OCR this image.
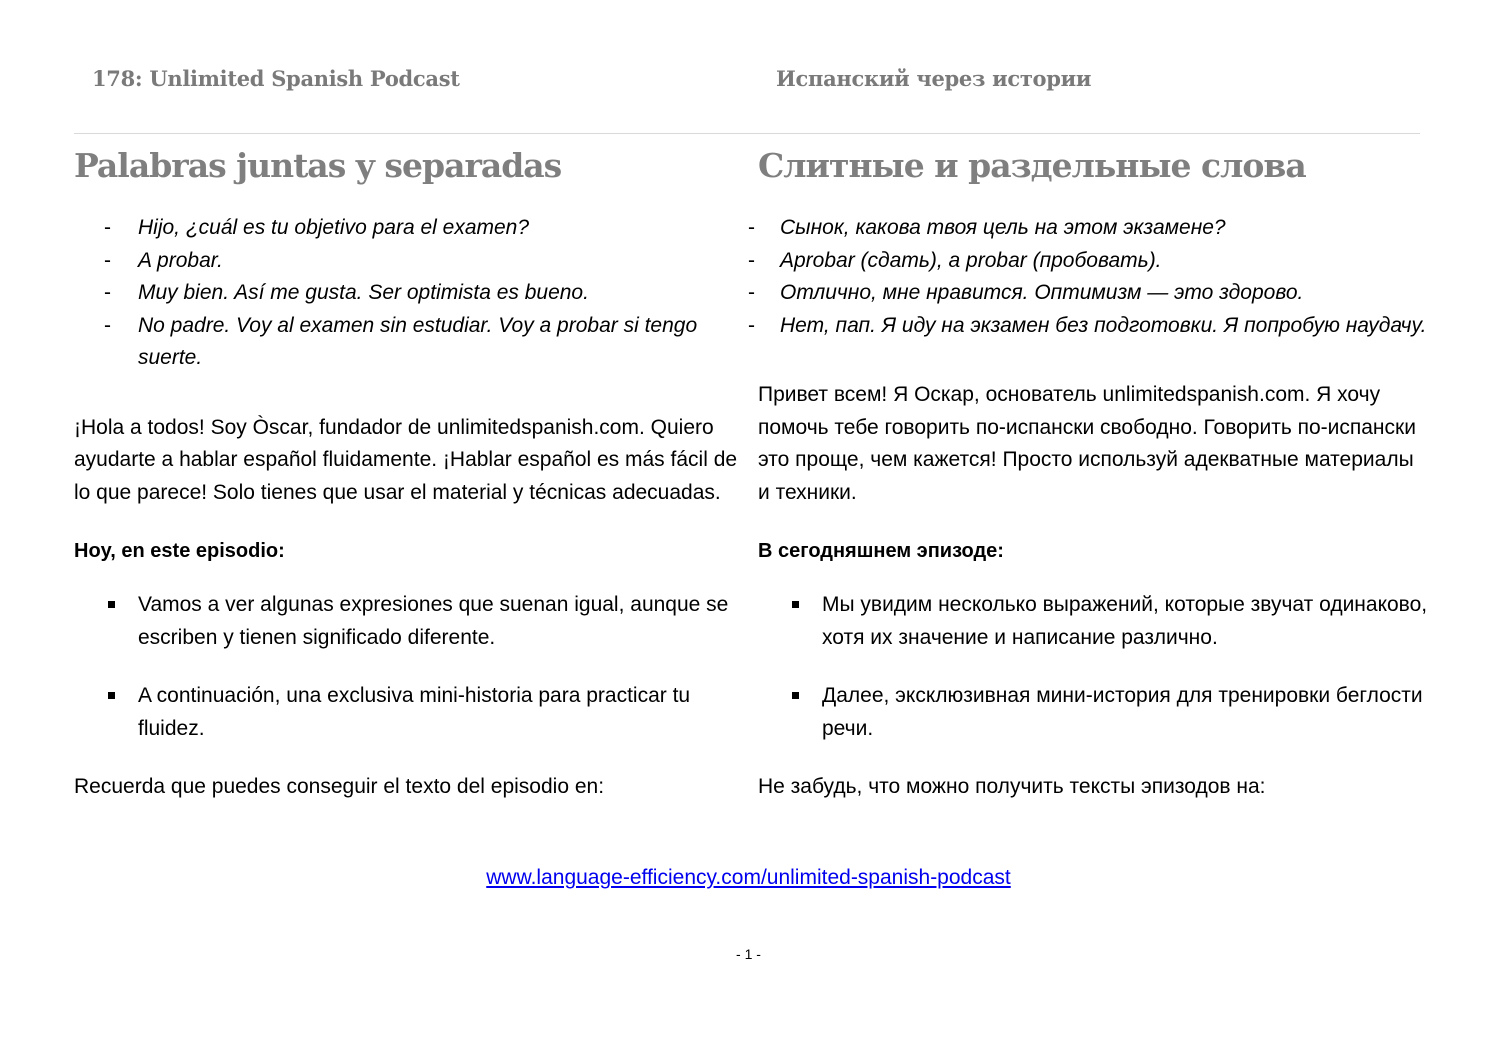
178: Unlimited Spanish Podcast	Испанский через истории
Palabras juntas y separadas
- Hijo, ¿cuál es tu objetivo para el examen?
- A probar.
- Muy bien. Así me gusta. Ser optimista es bueno.
- No padre. Voy al examen sin estudiar. Voy a probar si tengo suerte.

¡Hola a todos! Soy Òscar, fundador de unlimitedspanish.com. Quiero ayudarte a hablar español fluidamente. ¡Hablar español es más fácil de lo que parece! Solo tienes que usar el material y técnicas adecuadas.

Hoy, en este episodio:

Vamos a ver algunas expresiones que suenan igual, aunque se escriben y tienen significado diferente.
A continuación, una exclusiva mini-historia para practicar tu fluidez.

Recuerda que puedes conseguir el texto del episodio en:

Слитные и раздельные слова
- Сынок, какова твоя цель на этом экзамене?
- Aprobar (сдать), a probar (пробовать).
- Отлично, мне нравится. Оптимизм — это здорово.
- Нет, пап. Я иду на экзамен без подготовки. Я попробую наудачу.

Привет всем! Я Оскар, основатель unlimitedspanish.com. Я хочу помочь тебе говорить по-испански свободно. Говорить по-испански это проще, чем кажется! Просто используй адекватные материалы и техники.

В сегодняшнем эпизоде:

Мы увидим несколько выражений, которые звучат одинаково, хотя их значение и написание различно.
Далее, эксклюзивная мини-история для тренировки беглости речи.

Не забудь, что можно получить тексты эпизодов на:

www.language-efficiency.com/unlimited-spanish-podcast
- 1 -
